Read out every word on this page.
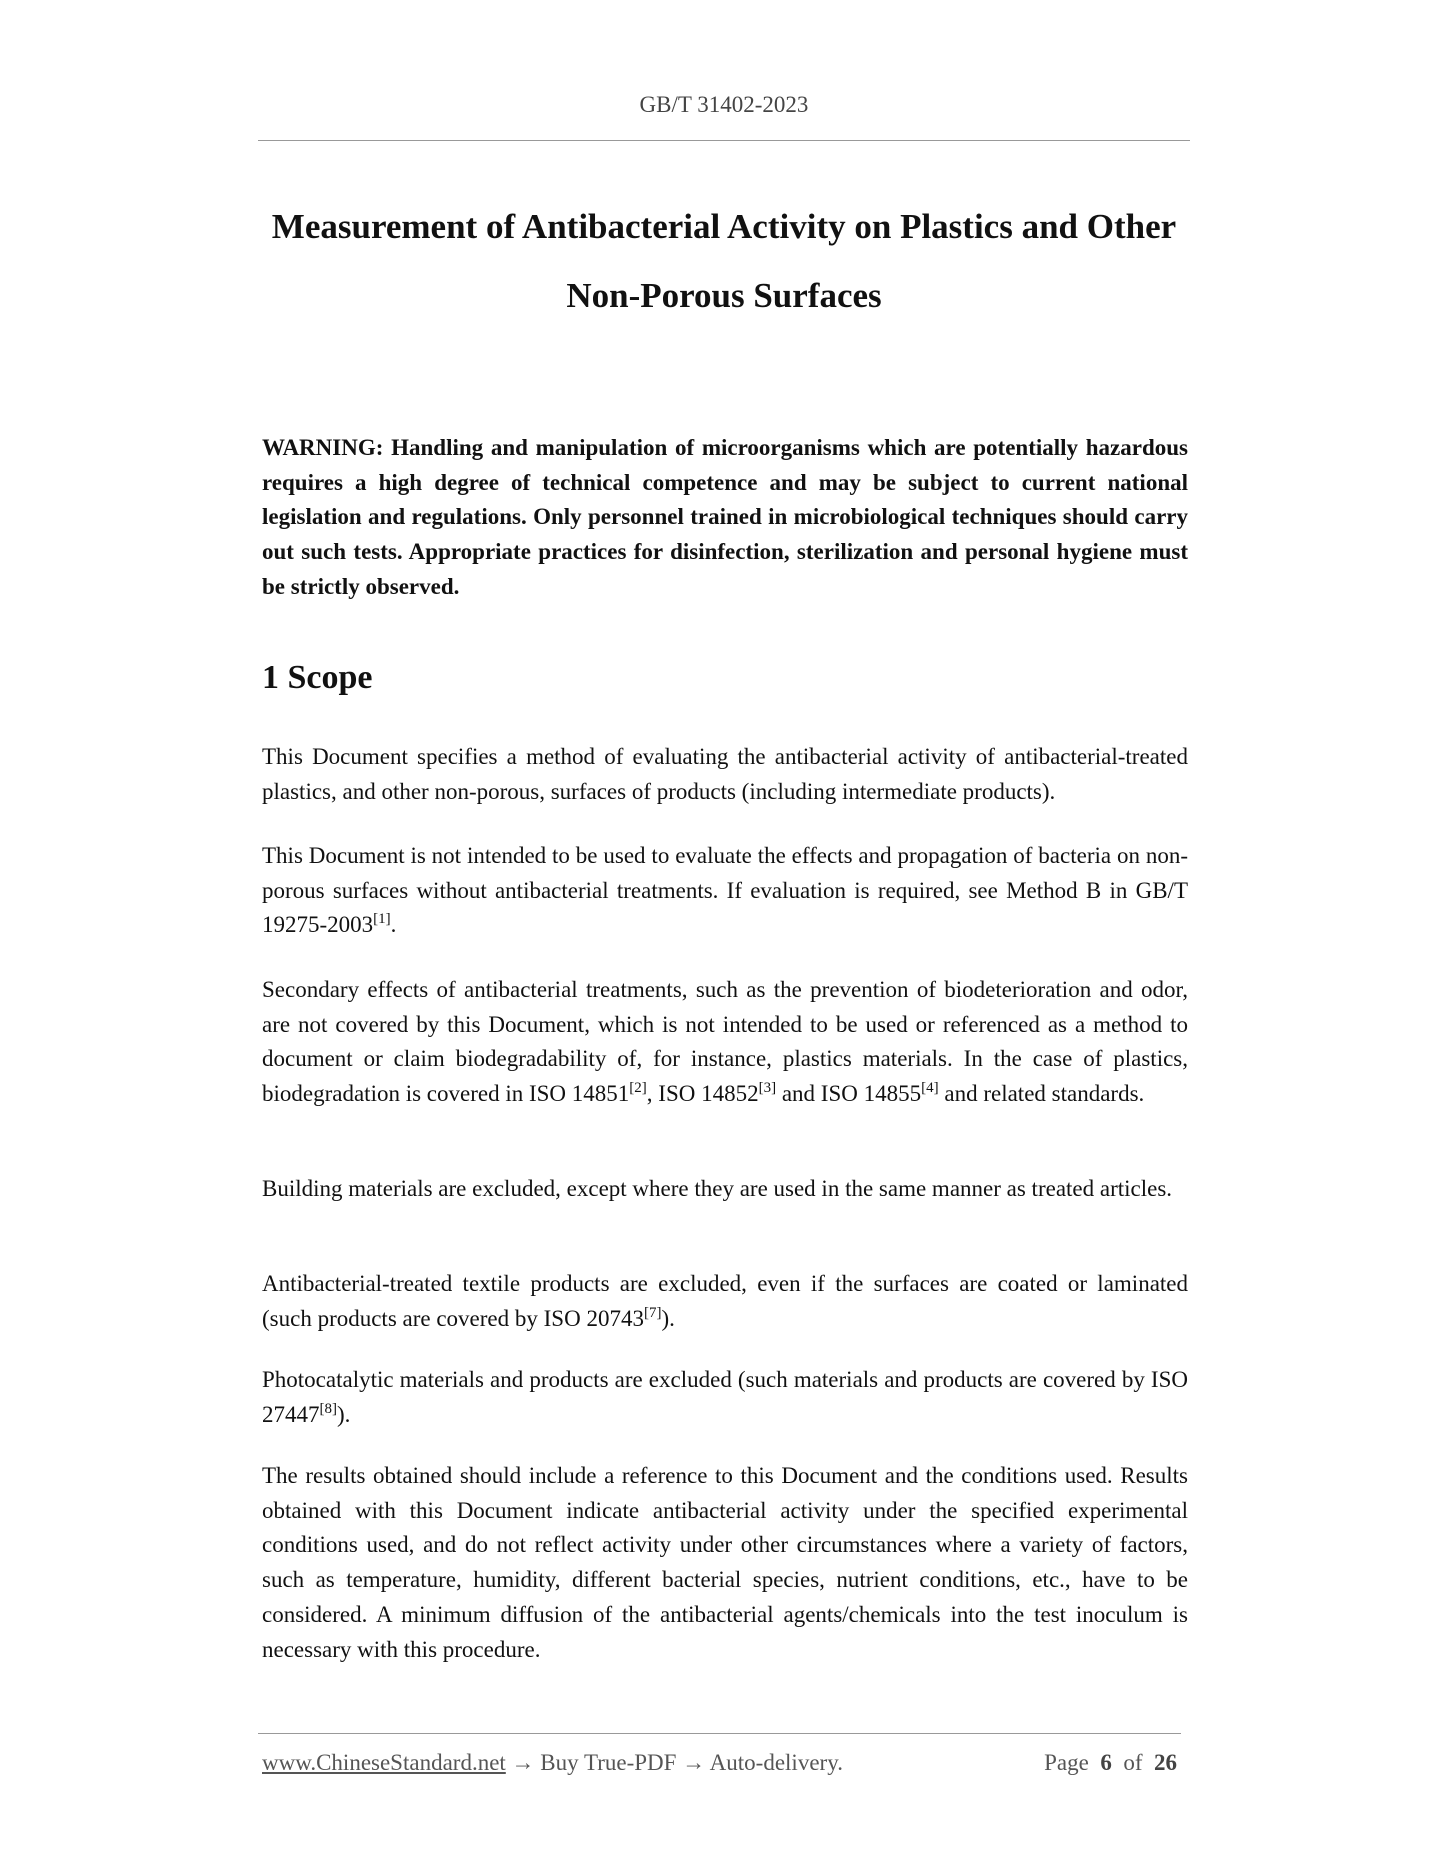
GB/T 31402-2023
Measurement of Antibacterial Activity on Plastics and Other
Non-Porous Surfaces
WARNING: Handling and manipulation of microorganisms which are potentially hazardous requires a high degree of technical competence and may be subject to current national legislation and regulations. Only personnel trained in microbiological techniques should carry out such tests. Appropriate practices for disinfection, sterilization and personal hygiene must be strictly observed.
1 Scope
This Document specifies a method of evaluating the antibacterial activity of antibacterial-treated plastics, and other non-porous, surfaces of products (including intermediate products).
This Document is not intended to be used to evaluate the effects and propagation of bacteria on non-porous surfaces without antibacterial treatments. If evaluation is required, see Method B in GB/T 19275-2003[1].
Secondary effects of antibacterial treatments, such as the prevention of biodeterioration and odor, are not covered by this Document, which is not intended to be used or referenced as a method to document or claim biodegradability of, for instance, plastics materials. In the case of plastics, biodegradation is covered in ISO 14851[2], ISO 14852[3] and ISO 14855[4] and related standards.
Building materials are excluded, except where they are used in the same manner as treated articles.
Antibacterial-treated textile products are excluded, even if the surfaces are coated or laminated (such products are covered by ISO 20743[7]).
Photocatalytic materials and products are excluded (such materials and products are covered by ISO 27447[8]).
The results obtained should include a reference to this Document and the conditions used. Results obtained with this Document indicate antibacterial activity under the specified experimental conditions used, and do not reflect activity under other circumstances where a variety of factors, such as temperature, humidity, different bacterial species, nutrient conditions, etc., have to be considered. A minimum diffusion of the antibacterial agents/chemicals into the test inoculum is necessary with this procedure.
www.ChineseStandard.net → Buy True-PDF → Auto-delivery.	Page 6 of 26
